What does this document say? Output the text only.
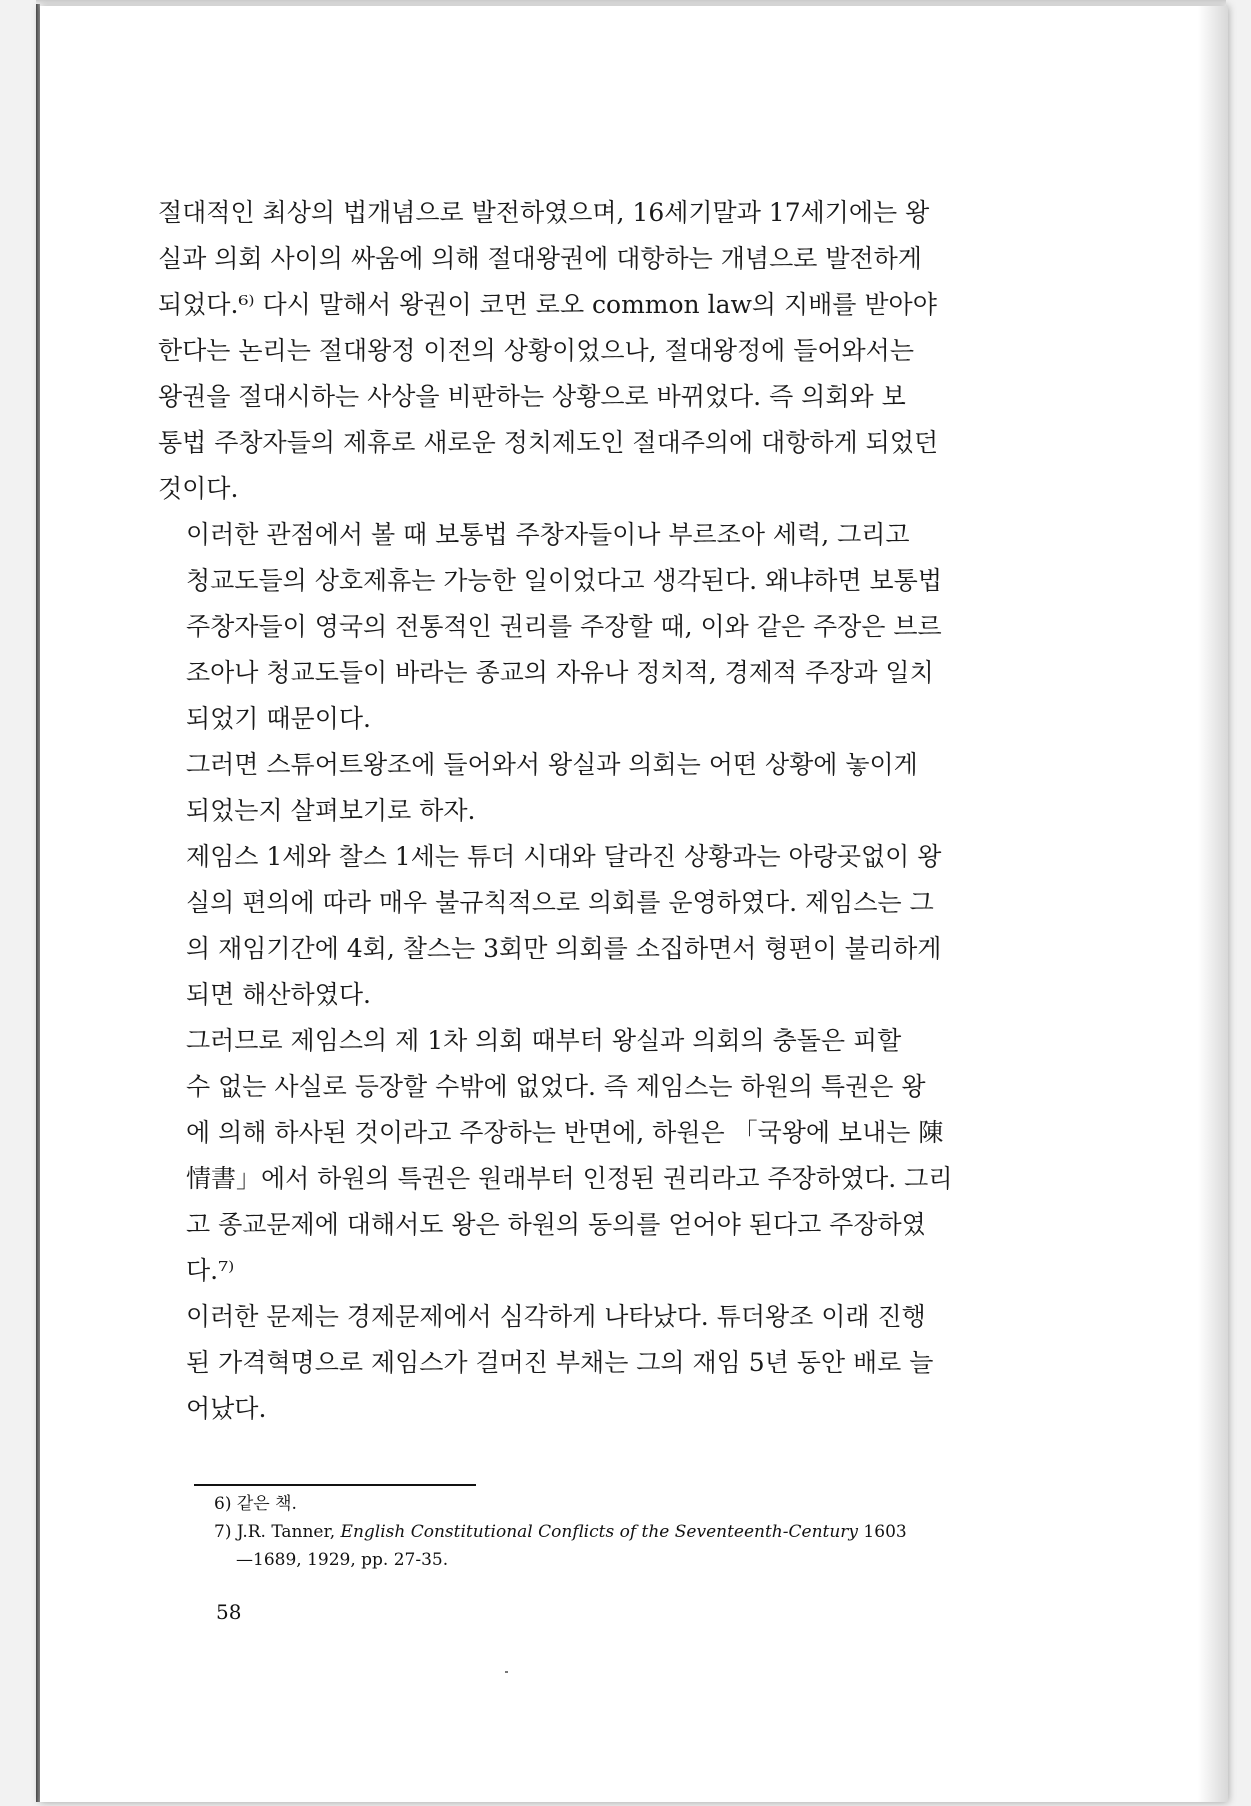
절대적인 최상의 법개념으로 발전하였으며, 16세기말과 17세기에는 왕
실과 의회 사이의 싸움에 의해 절대왕권에 대항하는 개념으로 발전하게
되었다.⁶⁾ 다시 말해서 왕권이 코먼 로오 common law의 지배를 받아야
한다는 논리는 절대왕정 이전의 상황이었으나, 절대왕정에 들어와서는
왕권을 절대시하는 사상을 비판하는 상황으로 바뀌었다. 즉 의회와 보
통법 주창자들의 제휴로 새로운 정치제도인 절대주의에 대항하게 되었던
것이다.
이러한 관점에서 볼 때 보통법 주창자들이나 부르조아 세력, 그리고
청교도들의 상호제휴는 가능한 일이었다고 생각된다. 왜냐하면 보통법
주창자들이 영국의 전통적인 권리를 주장할 때, 이와 같은 주장은 브르
조아나 청교도들이 바라는 종교의 자유나 정치적, 경제적 주장과 일치
되었기 때문이다.
그러면 스튜어트왕조에 들어와서 왕실과 의회는 어떤 상황에 놓이게
되었는지 살펴보기로 하자.
제임스 1세와 찰스 1세는 튜더 시대와 달라진 상황과는 아랑곳없이 왕
실의 편의에 따라 매우 불규칙적으로 의회를 운영하였다. 제임스는 그
의 재임기간에 4회, 찰스는 3회만 의회를 소집하면서 형편이 불리하게
되면 해산하였다.
그러므로 제임스의 제 1차 의회 때부터 왕실과 의회의 충돌은 피할
수 없는 사실로 등장할 수밖에 없었다. 즉 제임스는 하원의 특권은 왕
에 의해 하사된 것이라고 주장하는 반면에, 하원은 「국왕에 보내는 陳
情書」에서 하원의 특권은 원래부터 인정된 권리라고 주장하였다. 그리
고 종교문제에 대해서도 왕은 하원의 동의를 얻어야 된다고 주장하였
다.⁷⁾
이러한 문제는 경제문제에서 심각하게 나타났다. 튜더왕조 이래 진행
된 가격혁명으로 제임스가 걸머진 부채는 그의 재임 5년 동안 배로 늘
어났다.
6) 같은 책.
7) J.R. Tanner, English Constitutional Conflicts of the Seventeenth-Century 1603
—1689, 1929, pp. 27-35.
58
